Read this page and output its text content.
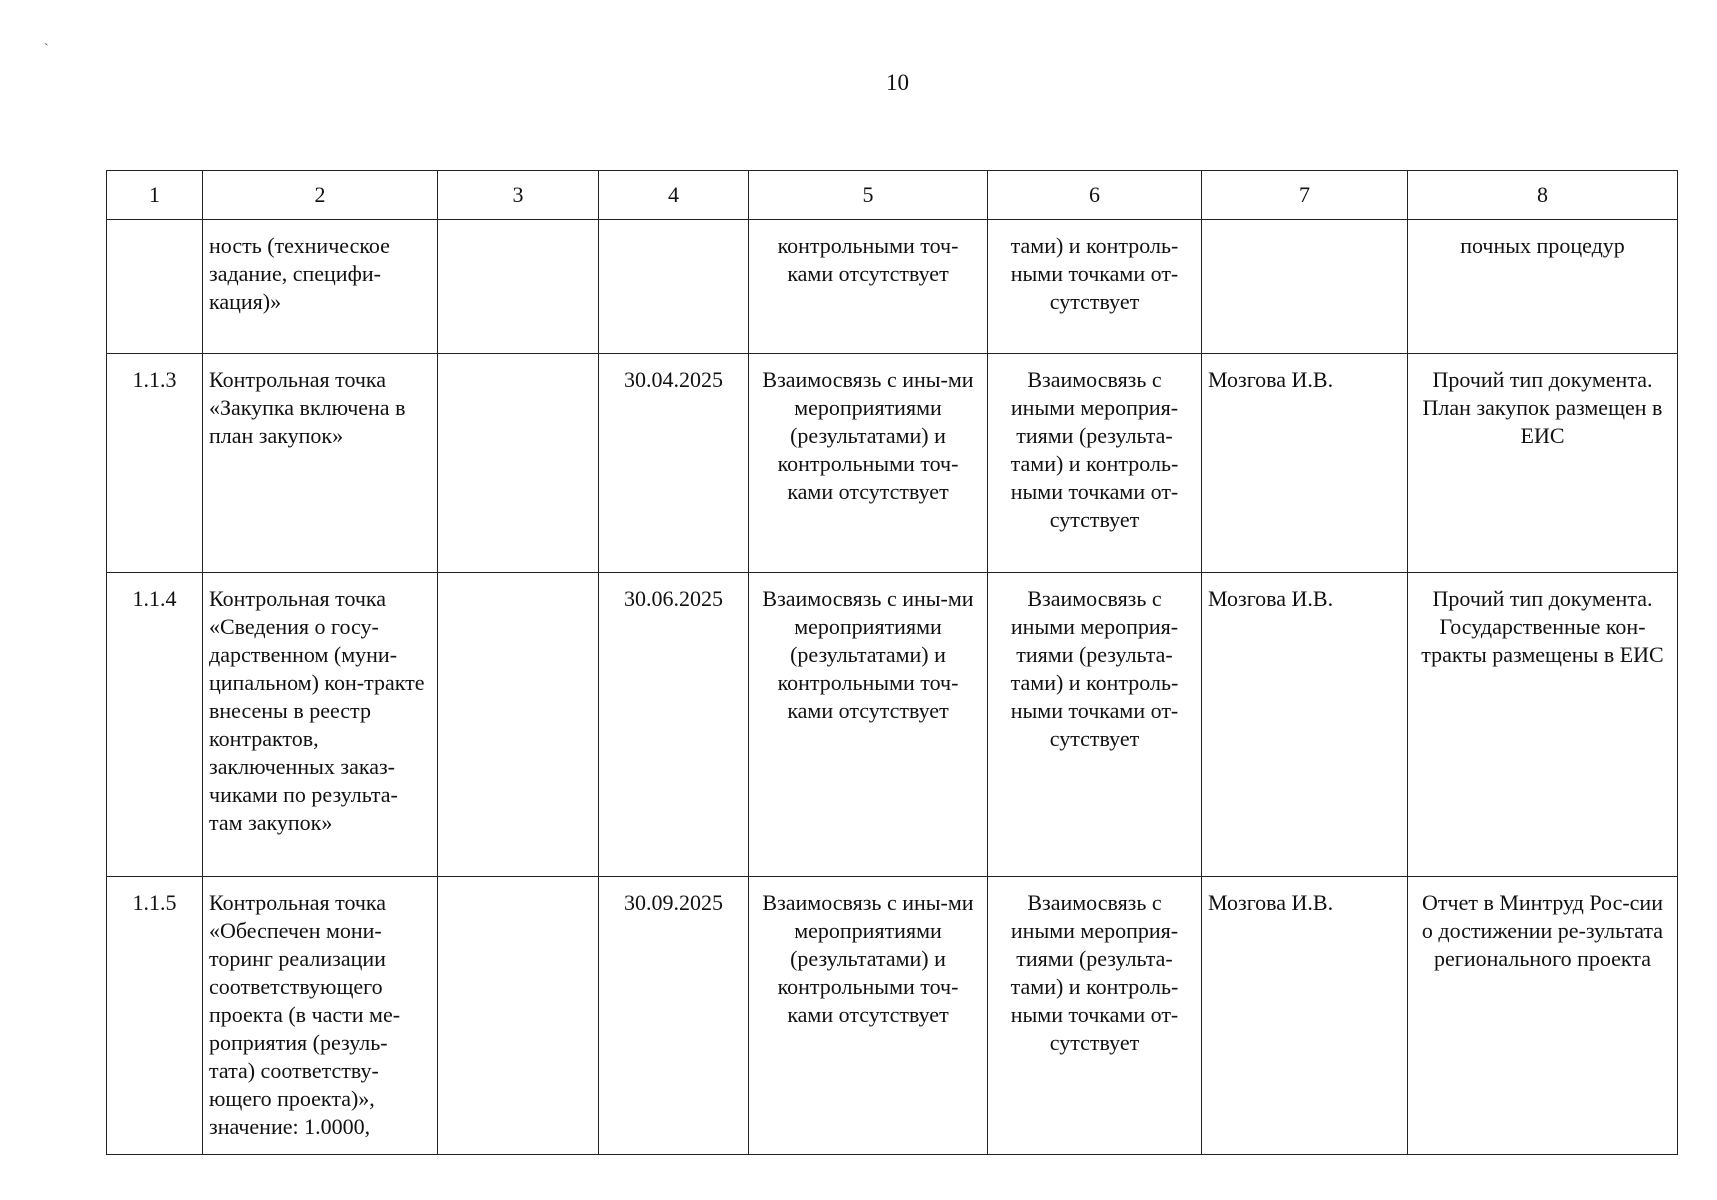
`
10
1	2	3	4	5	6	7	8
	ность (техническое задание, специфи-кация)»			контрольными точ-ками отсутствует	тами) и контроль-ными точками от-сутствует		почных процедур
1.1.3	Контрольная точка «Закупка включена в план закупок»		30.04.2025	Взаимосвязь с ины-ми мероприятиями (результатами) и контрольными точ-ками отсутствует	Взаимосвязь с иными мероприя-тиями (результа-тами) и контроль-ными точками от-сутствует	Мозгова И.В.	Прочий тип документа. План закупок размещен в ЕИС
1.1.4	Контрольная точка «Сведения о госу-дарственном (муни-ципальном) кон-тракте внесены в реестр контрактов, заключенных заказ-чиками по результа-там закупок»		30.06.2025	Взаимосвязь с ины-ми мероприятиями (результатами) и контрольными точ-ками отсутствует	Взаимосвязь с иными мероприя-тиями (результа-тами) и контроль-ными точками от-сутствует	Мозгова И.В.	Прочий тип документа. Государственные кон-тракты размещены в ЕИС
1.1.5	Контрольная точка «Обеспечен мони-торинг реализации соответствующего проекта (в части ме-роприятия (резуль-тата) соответству-ющего проекта)», значение: 1.0000,		30.09.2025	Взаимосвязь с ины-ми мероприятиями (результатами) и контрольными точ-ками отсутствует	Взаимосвязь с иными мероприя-тиями (результа-тами) и контроль-ными точками от-сутствует	Мозгова И.В.	Отчет в Минтруд Рос-сии о достижении ре-зультата регионального проекта
